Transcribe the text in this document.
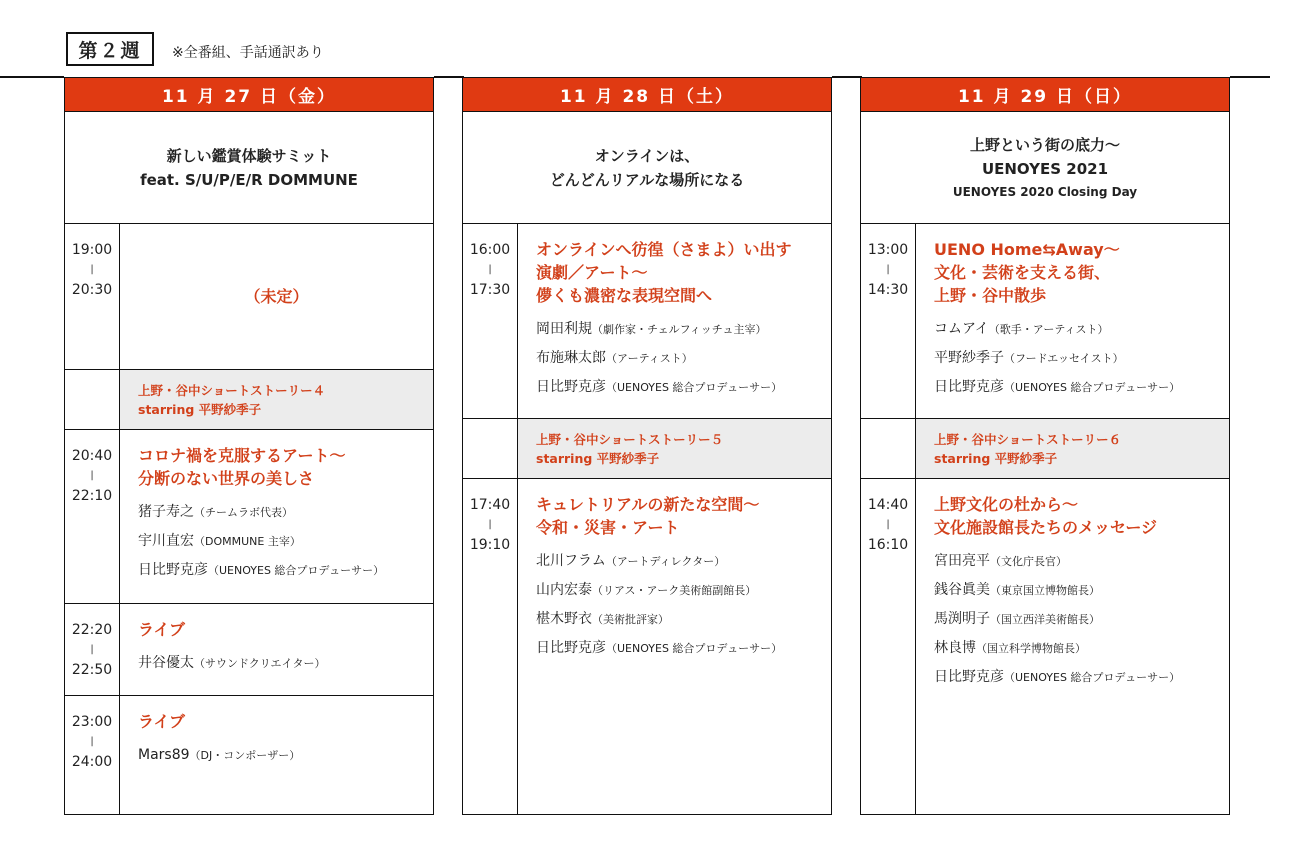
第２週	※全番組、手話通訳あり
11 月 27 日（金）
新しい鑑賞体験サミット
feat. S/U/P/E/R DOMMUNE
19:00
|
20:30	（未定）
上野・谷中ショートストーリー４
starring 平野紗季子
20:40
|
22:10
コロナ禍を克服するアート～
分断のない世界の美しさ
猪子寿之（チームラボ代表）
宇川直宏（DOMMUNE 主宰）
日比野克彦（UENOYES 総合プロデューサー）
22:20
|
22:50
ライブ
井谷優太（サウンドクリエイター）
23:00
|
24:00
ライブ
Mars89（DJ・コンポーザー）
11 月 28 日（土）
オンラインは、
どんどんリアルな場所になる
16:00
|
17:30
オンラインへ彷徨（さまよ）い出す
演劇／アート～
儚くも濃密な表現空間へ
岡田利規（劇作家・チェルフィッチュ主宰）
布施琳太郎（アーティスト）
日比野克彦（UENOYES 総合プロデューサー）
上野・谷中ショートストーリー５
starring 平野紗季子
17:40
|
19:10
キュレトリアルの新たな空間～
令和・災害・アート
北川フラム（アートディレクター）
山内宏泰（リアス・アーク美術館副館長）
椹木野衣（美術批評家）
日比野克彦（UENOYES 総合プロデューサー）
11 月 29 日（日）
上野という街の底力～
UENOYES 2021
UENOYES 2020 Closing Day
13:00
|
14:30
UENO Home⇆Away～
文化・芸術を支える街、
上野・谷中散歩
コムアイ（歌手・アーティスト）
平野紗季子（フードエッセイスト）
日比野克彦（UENOYES 総合プロデューサー）
上野・谷中ショートストーリー６
starring 平野紗季子
14:40
|
16:10
上野文化の杜から～
文化施設館長たちのメッセージ
宮田亮平（文化庁長官）
銭谷眞美（東京国立博物館長）
馬渕明子（国立西洋美術館長）
林良博（国立科学博物館長）
日比野克彦（UENOYES 総合プロデューサー）
